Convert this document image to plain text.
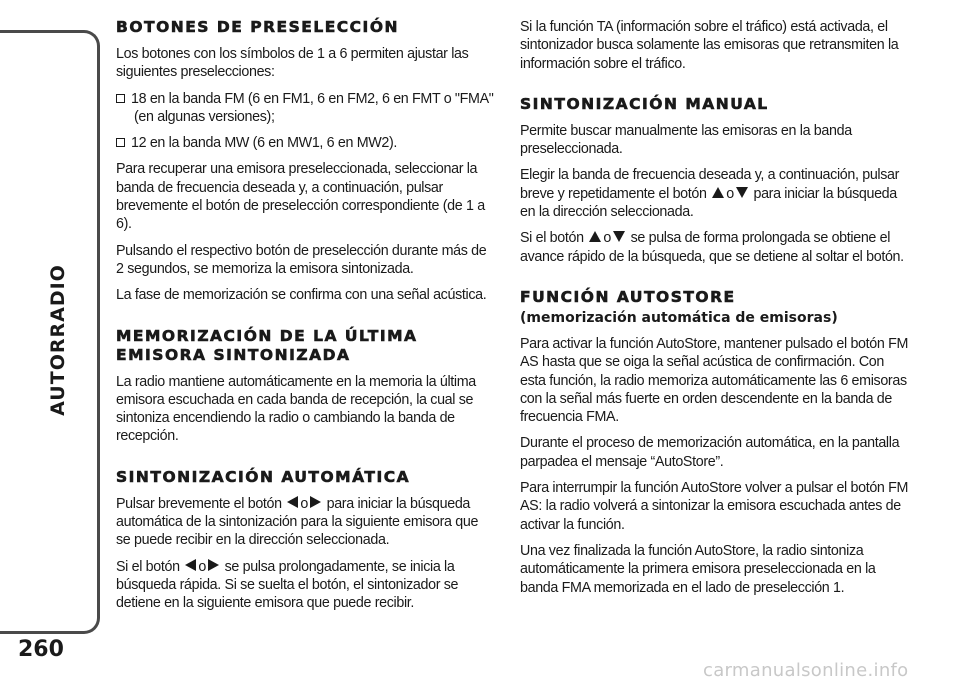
AUTORRADIO
260
carmanualsonline.info
BOTONES DE PRESELECCIÓN

Los botones con los símbolos de 1 a 6 permiten ajustar las siguientes preselecciones:

18 en la banda FM (6 en FM1, 6 en FM2, 6 en FMT o "FMA" (en algunas versiones);

12 en la banda MW (6 en MW1, 6 en MW2).

Para recuperar una emisora preseleccionada, seleccionar la banda de frecuencia deseada y, a continuación, pulsar brevemente el botón de preselección correspondiente (de 1 a 6).

Pulsando el respectivo botón de preselección durante más de 2 segundos, se memoriza la emisora sintonizada.

La fase de memorización se confirma con una señal acústica.

MEMORIZACIÓN DE LA ÚLTIMA EMISORA SINTONIZADA

La radio mantiene automáticamente en la memoria la última emisora escuchada en cada banda de recepción, la cual se sintoniza encendiendo la radio o cambiando la banda de recepción.

SINTONIZACIÓN AUTOMÁTICA

Pulsar brevemente el botón o para iniciar la búsqueda automática de la sintonización para la siguiente emisora que se puede recibir en la dirección seleccionada.

Si el botón o se pulsa prolongadamente, se inicia la búsqueda rápida. Si se suelta el botón, el sintonizador se detiene en la siguiente emisora que puede recibir.

Si la función TA (información sobre el tráfico) está activada, el sintonizador busca solamente las emisoras que retransmiten la información sobre el tráfico.

SINTONIZACIÓN MANUAL

Permite buscar manualmente las emisoras en la banda preseleccionada.

Elegir la banda de frecuencia deseada y, a continuación, pulsar breve y repetidamente el botón o para iniciar la búsqueda en la dirección seleccionada.

Si el botón o se pulsa de forma prolongada se obtiene el avance rápido de la búsqueda, que se detiene al soltar el botón.

FUNCIÓN AUTOSTORE
(memorización automática de emisoras)

Para activar la función AutoStore, mantener pulsado el botón FM AS hasta que se oiga la señal acústica de confirmación. Con esta función, la radio memoriza automáticamente las 6 emisoras con la señal más fuerte en orden descendente en la banda de frecuencia FMA.

Durante el proceso de memorización automática, en la pantalla parpadea el mensaje “AutoStore”.

Para interrumpir la función AutoStore volver a pulsar el botón FM AS: la radio volverá a sintonizar la emisora escuchada antes de activar la función.

Una vez finalizada la función AutoStore, la radio sintoniza automáticamente la primera emisora preseleccionada en la banda FMA memorizada en el lado de preselección 1.
